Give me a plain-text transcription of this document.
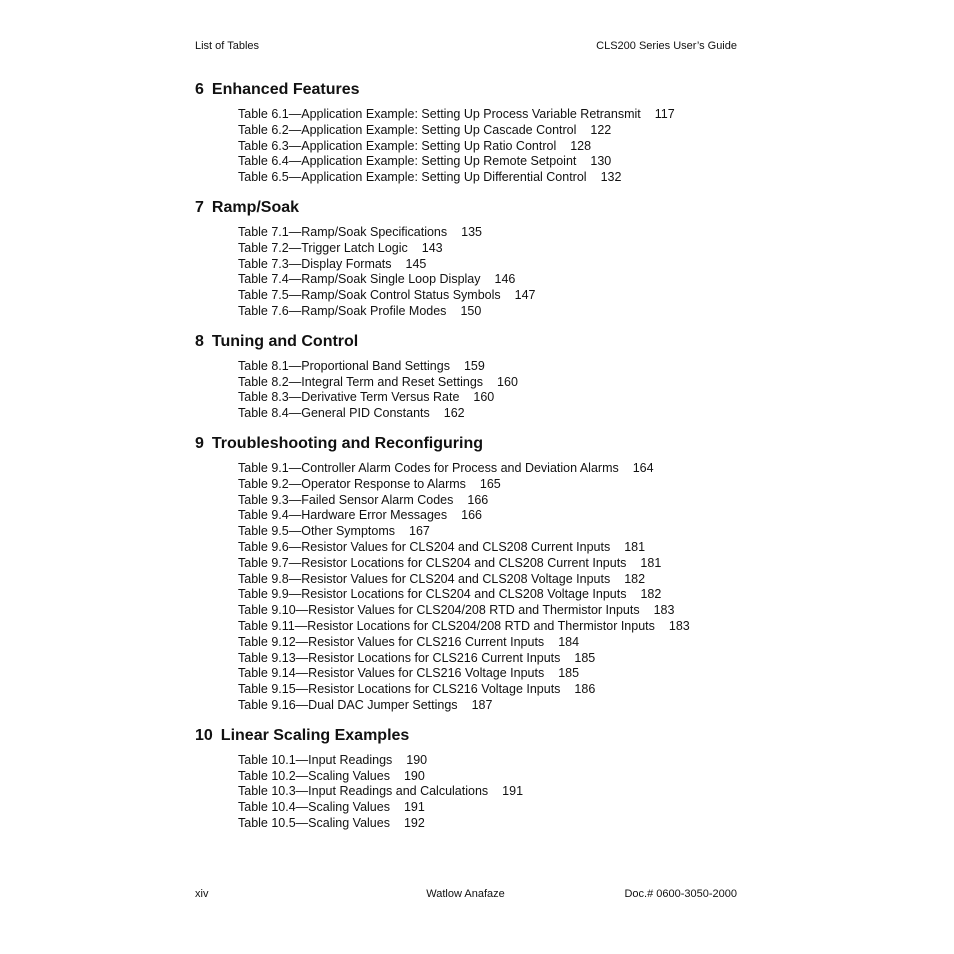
List of Tables	CLS200 Series User’s Guide
6 Enhanced Features
Table 6.1—Application Example: Setting Up Process Variable Retransmit 117
Table 6.2—Application Example: Setting Up Cascade Control 122
Table 6.3—Application Example: Setting Up Ratio Control 128
Table 6.4—Application Example: Setting Up Remote Setpoint 130
Table 6.5—Application Example: Setting Up Differential Control 132
7 Ramp/Soak
Table 7.1—Ramp/Soak Specifications 135
Table 7.2—Trigger Latch Logic 143
Table 7.3—Display Formats 145
Table 7.4—Ramp/Soak Single Loop Display 146
Table 7.5—Ramp/Soak Control Status Symbols 147
Table 7.6—Ramp/Soak Profile Modes 150
8 Tuning and Control
Table 8.1—Proportional Band Settings 159
Table 8.2—Integral Term and Reset Settings 160
Table 8.3—Derivative Term Versus Rate 160
Table 8.4—General PID Constants 162
9 Troubleshooting and Reconfiguring
Table 9.1—Controller Alarm Codes for Process and Deviation Alarms 164
Table 9.2—Operator Response to Alarms 165
Table 9.3—Failed Sensor Alarm Codes 166
Table 9.4—Hardware Error Messages 166
Table 9.5—Other Symptoms 167
Table 9.6—Resistor Values for CLS204 and CLS208 Current Inputs 181
Table 9.7—Resistor Locations for CLS204 and CLS208 Current Inputs 181
Table 9.8—Resistor Values for CLS204 and CLS208 Voltage Inputs 182
Table 9.9—Resistor Locations for CLS204 and CLS208 Voltage Inputs 182
Table 9.10—Resistor Values for CLS204/208 RTD and Thermistor Inputs 183
Table 9.11—Resistor Locations for CLS204/208 RTD and Thermistor Inputs 183
Table 9.12—Resistor Values for CLS216 Current Inputs 184
Table 9.13—Resistor Locations for CLS216 Current Inputs 185
Table 9.14—Resistor Values for CLS216 Voltage Inputs 185
Table 9.15—Resistor Locations for CLS216 Voltage Inputs 186
Table 9.16—Dual DAC Jumper Settings 187
10 Linear Scaling Examples
Table 10.1—Input Readings 190
Table 10.2—Scaling Values 190
Table 10.3—Input Readings and Calculations 191
Table 10.4—Scaling Values 191
Table 10.5—Scaling Values 192
xiv	Watlow Anafaze	Doc.# 0600-3050-2000
